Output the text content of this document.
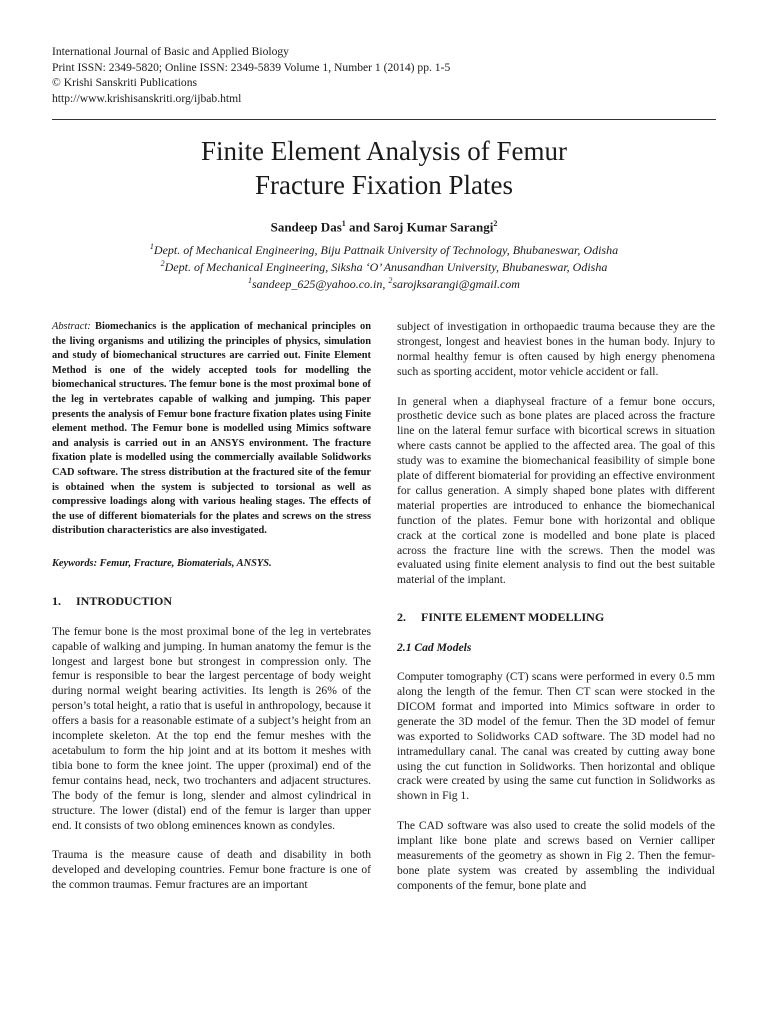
International Journal of Basic and Applied Biology
Print ISSN: 2349-5820; Online ISSN: 2349-5839 Volume 1, Number 1 (2014) pp. 1-5
© Krishi Sanskriti Publications
http://www.krishisanskriti.org/ijbab.html
Finite Element Analysis of Femur
Fracture Fixation Plates
Sandeep Das$^1$ and Saroj Kumar Sarangi$^2$
$^1$Dept. of Mechanical Engineering, Biju Pattnaik University of Technology, Bhubaneswar, Odisha
$^2$Dept. of Mechanical Engineering, Siksha ‘O’ Anusandhan University, Bhubaneswar, Odisha
$^1$sandeep_625@yahoo.co.in, $^2$sarojksarangi@gmail.com

Abstract: Biomechanics is the application of mechanical principles on the living organisms and utilizing the principles of physics, simulation and study of biomechanical structures are carried out. Finite Element Method is one of the widely accepted tools for modelling the biomechanical structures. The femur bone is the most proximal bone of the leg in vertebrates capable of walking and jumping. This paper presents the analysis of Femur bone fracture fixation plates using Finite element method. The Femur bone is modelled using Mimics software and analysis is carried out in an ANSYS environment. The fracture fixation plate is modelled using the commercially available Solidworks CAD software. The stress distribution at the fractured site of the femur is obtained when the system is subjected to torsional as well as compressive loadings along with various healing stages. The effects of the use of different biomaterials for the plates and screws on the stress distribution characteristics are also investigated.

Keywords: Femur, Fracture, Biomaterials, ANSYS.

1. INTRODUCTION

The femur bone is the most proximal bone of the leg in vertebrates capable of walking and jumping. In human anatomy the femur is the longest and largest bone but strongest in compression only. The femur is responsible to bear the largest percentage of body weight during normal weight bearing activities. Its length is 26% of the person’s total height, a ratio that is useful in anthropology, because it offers a basis for a reasonable estimate of a subject’s height from an incomplete skeleton. At the top end the femur meshes with the acetabulum to form the hip joint and at its bottom it meshes with tibia bone to form the knee joint. The upper (proximal) end of the femur contains head, neck, two trochanters and adjacent structures. The body of the femur is long, slender and almost cylindrical in structure. The lower (distal) end of the femur is larger than upper end. It consists of two oblong eminences known as condyles.

Trauma is the measure cause of death and disability in both developed and developing countries. Femur bone fracture is one of the common traumas. Femur fractures are an important

subject of investigation in orthopaedic trauma because they are the strongest, longest and heaviest bones in the human body. Injury to normal healthy femur is often caused by high energy phenomena such as sporting accident, motor vehicle accident or fall.

In general when a diaphyseal fracture of a femur bone occurs, prosthetic device such as bone plates are placed across the fracture line on the lateral femur surface with bicortical screws in situation where casts cannot be applied to the affected area. The goal of this study was to examine the biomechanical feasibility of simple bone plate of different biomaterial for providing an effective environment for callus generation. A simply shaped bone plates with different material properties are introduced to enhance the biomechanical function of the plates. Femur bone with horizontal and oblique crack at the cortical zone is modelled and bone plate is placed across the fracture line with the screws. Then the model was evaluated using finite element analysis to find out the best suitable material of the implant.

2. FINITE ELEMENT MODELLING

2.1 Cad Models

Computer tomography (CT) scans were performed in every 0.5 mm along the length of the femur. Then CT scan were stocked in the DICOM format and imported into Mimics software in order to generate the 3D model of the femur. Then the 3D model of femur was exported to Solidworks CAD software. The 3D model had no intramedullary canal. The canal was created by cutting away bone using the cut function in Solidworks. Then horizontal and oblique crack were created by using the same cut function in Solidworks as shown in Fig 1.

The CAD software was also used to create the solid models of the implant like bone plate and screws based on Vernier calliper measurements of the geometry as shown in Fig 2. Then the femur-bone plate system was created by assembling the individual components of the femur, bone plate and
